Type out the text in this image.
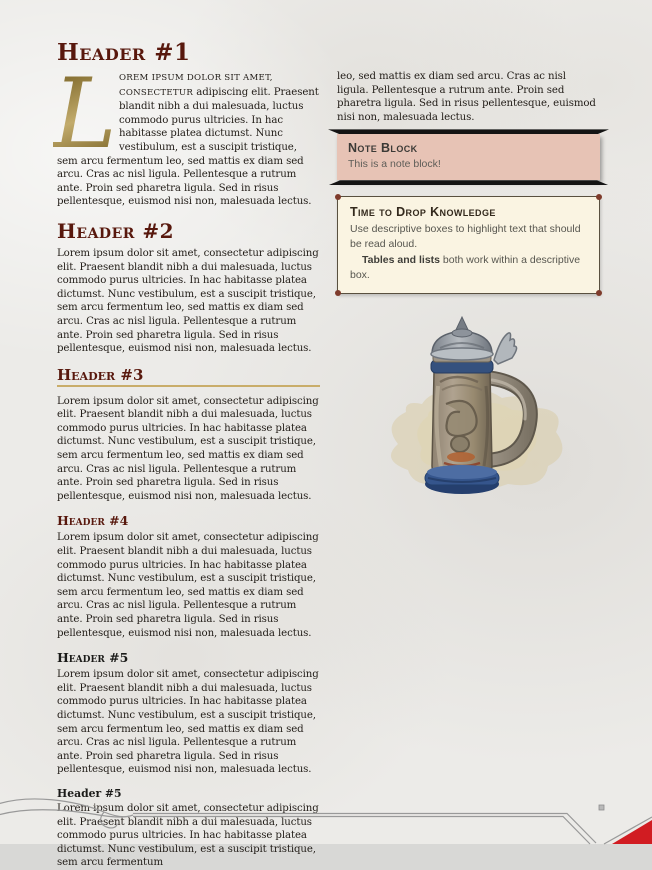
Header #1
L OREM IPSUM DOLOR SIT AMET, CONSECTETUR adipiscing elit. Praesent blandit nibh a dui malesuada, luctus commodo purus ultricies. In hac habitasse platea dictumst. Nunc vestibulum, est a suscipit tristique, sem arcu fermentum leo, sed mattis ex diam sed arcu. Cras ac nisl ligula. Pellentesque a rutrum ante. Proin sed pharetra ligula. Sed in risus pellentesque, euismod nisi non, malesuada lectus.
Header #2

Lorem ipsum dolor sit amet, consectetur adipiscing elit. Praesent blandit nibh a dui malesuada, luctus commodo purus ultricies. In hac habitasse platea dictumst. Nunc vestibulum, est a suscipit tristique, sem arcu fermentum leo, sed mattis ex diam sed arcu. Cras ac nisl ligula. Pellentesque a rutrum ante. Proin sed pharetra ligula. Sed in risus pellentesque, euismod nisi non, malesuada lectus.

Header #3

Lorem ipsum dolor sit amet, consectetur adipiscing elit. Praesent blandit nibh a dui malesuada, luctus commodo purus ultricies. In hac habitasse platea dictumst. Nunc vestibulum, est a suscipit tristique, sem arcu fermentum leo, sed mattis ex diam sed arcu. Cras ac nisl ligula. Pellentesque a rutrum ante. Proin sed pharetra ligula. Sed in risus pellentesque, euismod nisi non, malesuada lectus.

Header #4

Lorem ipsum dolor sit amet, consectetur adipiscing elit. Praesent blandit nibh a dui malesuada, luctus commodo purus ultricies. In hac habitasse platea dictumst. Nunc vestibulum, est a suscipit tristique, sem arcu fermentum leo, sed mattis ex diam sed arcu. Cras ac nisl ligula. Pellentesque a rutrum ante. Proin sed pharetra ligula. Sed in risus pellentesque, euismod nisi non, malesuada lectus.

Header #5

Lorem ipsum dolor sit amet, consectetur adipiscing elit. Praesent blandit nibh a dui malesuada, luctus commodo purus ultricies. In hac habitasse platea dictumst. Nunc vestibulum, est a suscipit tristique, sem arcu fermentum leo, sed mattis ex diam sed arcu. Cras ac nisl ligula. Pellentesque a rutrum ante. Proin sed pharetra ligula. Sed in risus pellentesque, euismod nisi non, malesuada lectus.

Header #5

Lorem ipsum dolor sit amet, consectetur adipiscing elit. Praesent blandit nibh a dui malesuada, luctus commodo purus ultricies. In hac habitasse platea dictumst. Nunc vestibulum, est a suscipit tristique, sem arcu fermentum

leo, sed mattis ex diam sed arcu. Cras ac nisl ligula. Pellentesque a rutrum ante. Proin sed pharetra ligula. Sed in risus pellentesque, euismod nisi non, malesuada lectus.

Note Block
This is a note block!
Time to Drop Knowledge

Use descriptive boxes to highlight text that should be read aloud.

Tables and lists both work within a descriptive box.
